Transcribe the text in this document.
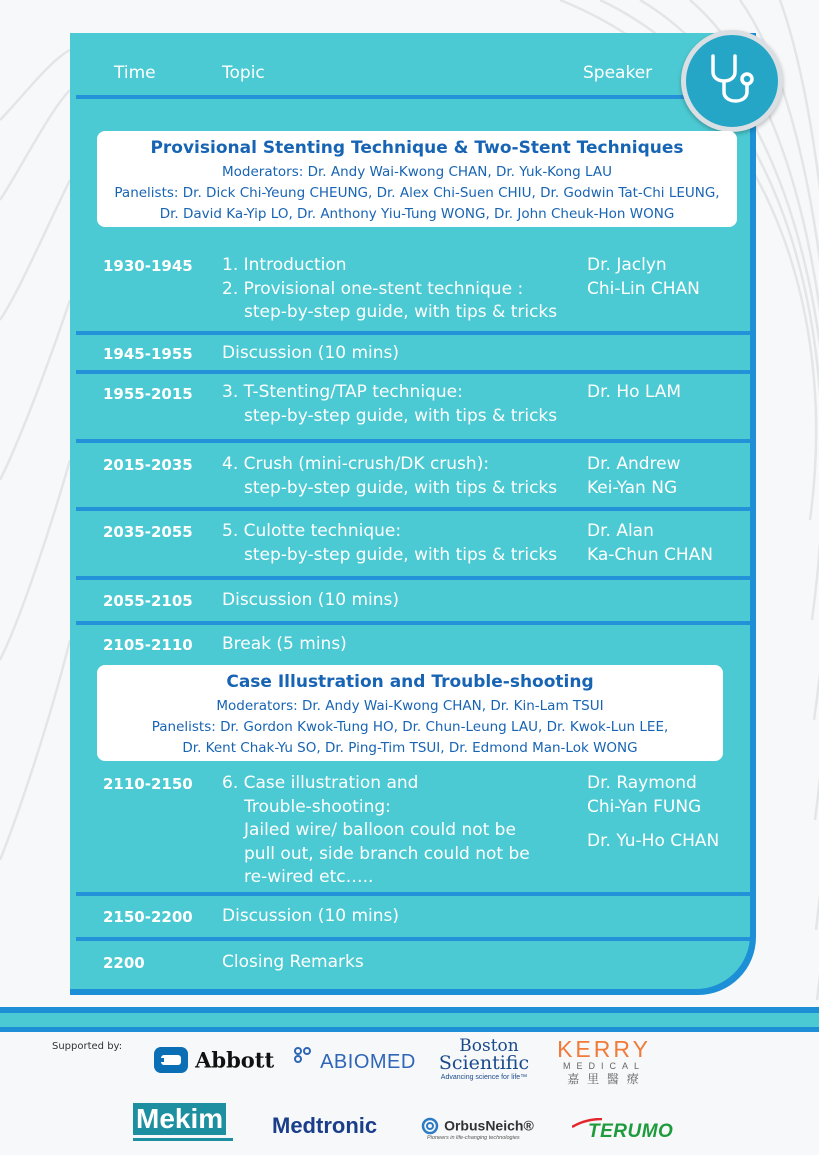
Time	Topic	Speaker
Provisional Stenting Technique & Two-Stent Techniques
Moderators: Dr. Andy Wai-Kwong CHAN, Dr. Yuk-Kong LAU
Panelists: Dr. Dick Chi-Yeung CHEUNG, Dr. Alex Chi-Suen CHIU, Dr. Godwin Tat-Chi LEUNG,
Dr. David Ka-Yip LO, Dr. Anthony Yiu-Tung WONG, Dr. John Cheuk-Hon WONG
1930-1945 1. Introduction
2. Provisional one-stent technique :
step-by-step guide, with tips & tricks
Dr. Jaclyn
Chi-Lin CHAN
1945-1955 Discussion (10 mins)
1955-2015 3. T-Stenting/TAP technique:
step-by-step guide, with tips & tricks
Dr. Ho LAM
2015-2035 4. Crush (mini-crush/DK crush):
step-by-step guide, with tips & tricks
Dr. Andrew
Kei-Yan NG
2035-2055 5. Culotte technique:
step-by-step guide, with tips & tricks
Dr. Alan
Ka-Chun CHAN
2055-2105 Discussion (10 mins)
2105-2110 Break (5 mins)
Case Illustration and Trouble-shooting
Moderators: Dr. Andy Wai-Kwong CHAN, Dr. Kin-Lam TSUI
Panelists: Dr. Gordon Kwok-Tung HO, Dr. Chun-Leung LAU, Dr. Kwok-Lun LEE,
Dr. Kent Chak-Yu SO, Dr. Ping-Tim TSUI, Dr. Edmond Man-Lok WONG
2110-2150 6. Case illustration and
Trouble-shooting:
Jailed wire/ balloon could not be
pull out, side branch could not be
re-wired etc…..
Dr. Raymond
Chi-Yan FUNG
Dr. Yu-Ho CHAN
2150-2200 Discussion (10 mins)
2200	Closing Remarks
Supported by:
Abbott	ABIOMED
Boston
Scientific
Advancing science for life™
KERRY
MEDICAL
嘉 里 醫 療
Mekim	Medtronic	OrbusNeich®
Pioneers in life-changing technologies	TERUMO
